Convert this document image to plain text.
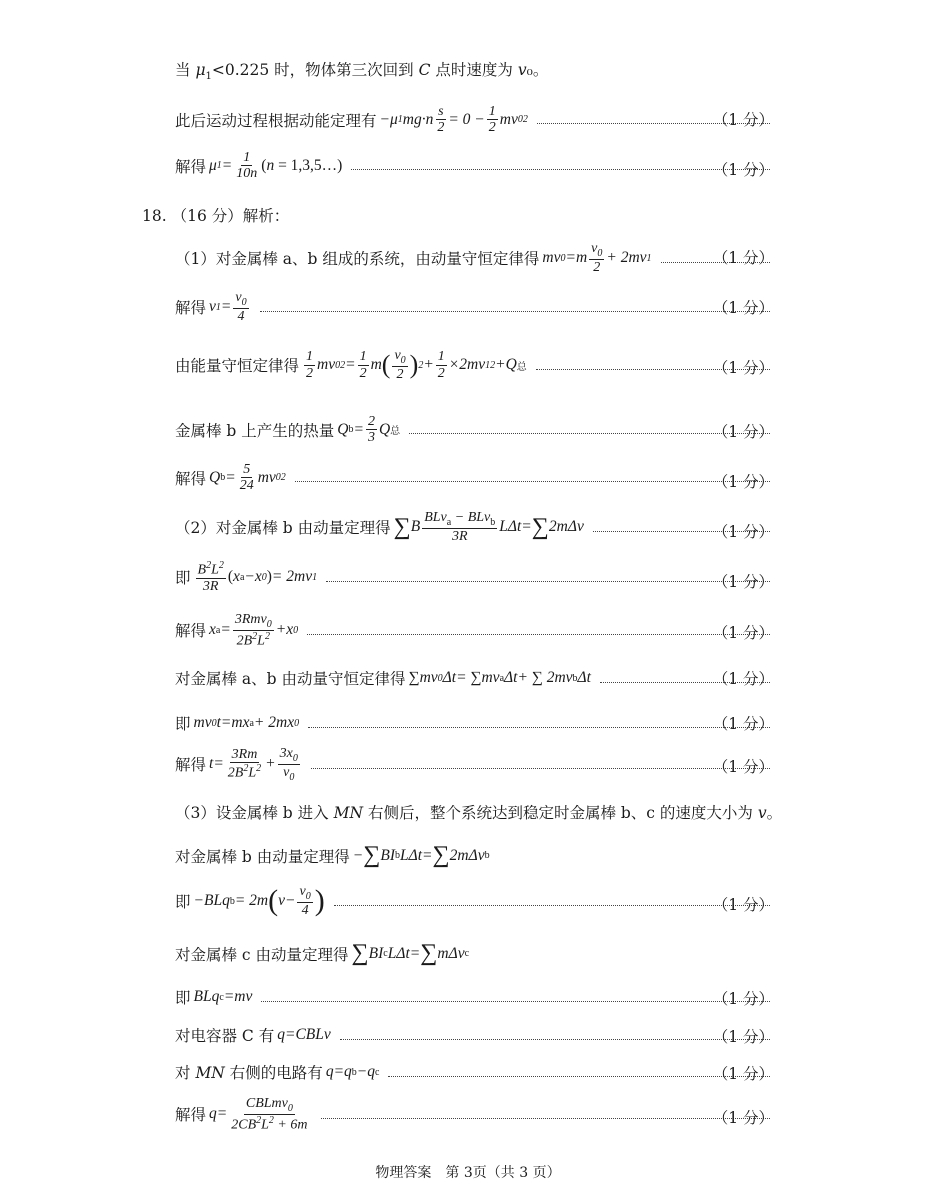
当 $\mu_1<0.225$ 时，物体第三次回到 C 点时速度为 v₀。
此后运动过程根据动能定理有 − μ 1 mg · n $\frac{s}{2} = 0 - \frac{1}{2}$ mv 0 2	（1 分）
解得 μ $1 = \frac{1}{10n} (n$ = 1,3,5…)	（1 分）
18. （16 分）解析：
（1）对金属棒 a、b 组成的系统，由动量守恒定律得 mv 0 = m $\frac{v_0}{2} + 2$ mv 1	（1 分）
解得 v $1 = \frac{v_0}{4}$	（1 分）
由能量守恒定律得 $\frac{1}{2}$ mv 0 $2 = \frac{1}{2}$ m ( $\frac{v_0}{2}$ ) $2 + \frac{1}{2} \times 2$ mv 1 2 + Q 总	（1 分）
金属棒 b 上产生的热量 Q $b = \frac{2}{3}$ Q 总	（1 分）
解得 Q $b = \frac{5}{24}$ mv 0 2	（1 分）
（2）对金属棒 b 由动量定理得 ∑ B $\frac{BLv_a - BLv_b}{3R}$ L Δ t = ∑ 2 m Δ v	（1 分）
即 $\frac{B^2L^2}{3R}$ ( x a − x 0 ) = 2 mv 1	（1 分）
解得 x $a = \frac{3Rmv_0}{2B^2L^2} + x$ 0	（1 分）
对金属棒 a、b 由动量守恒定律得 ∑ mv 0 Δ t = ∑ mv a Δ t + ∑ 2 mv b Δ t	（1 分）
即 mv 0 t = mx a + 2 mx 0	（1 分）
解得 $t = \frac{3Rm}{2B^2L^2} + \frac{3x_0}{v_0}$	（1 分）
（3）设金属棒 b 进入 MN 右侧后，整个系统达到稳定时金属棒 b、c 的速度大小为 v。
对金属棒 b 由动量定理得 − ∑ BI b L Δ t = ∑ 2 m Δ v b
即 − BLq b = 2 m ( $v - \frac{v_0}{4}$ )	（1 分）
对金属棒 c 由动量定理得 ∑ BI c L Δ t = ∑ m Δ v c
即 BLq c = mv	（1 分）
对电容器 C 有 q = CBLv	（1 分）
对 MN 右侧的电路有 q = q b − q c	（1 分）
解得 $q = \frac{CBLmv_0}{2CB^2L^2 + 6m}$	（1 分）
物理答案　第 3页（共 3 页）
